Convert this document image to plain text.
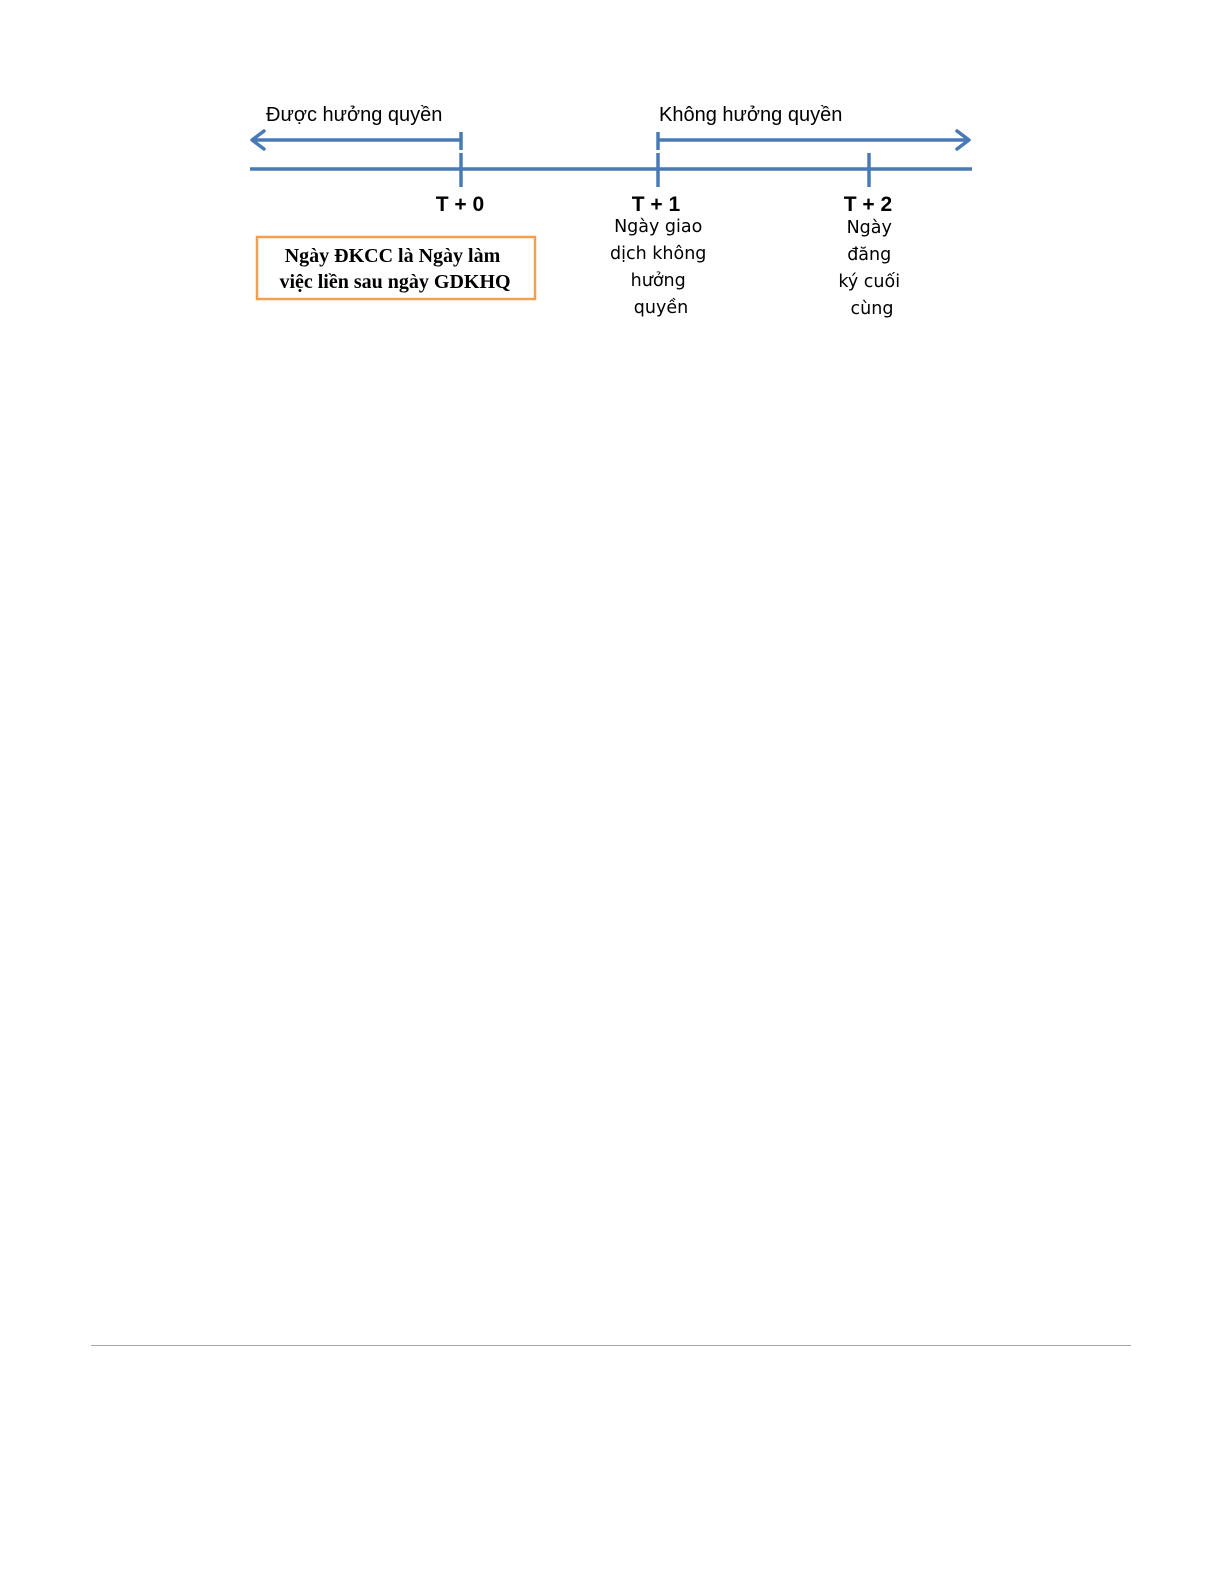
Được hưởng quyền	Không hưởng quyền
T + 0	T + 1	T + 2
Ngày giao dịch không hưởng quyền
Ngày đăng ký cuối cùng
Ngày ĐKCC là Ngày làm việc liền sau ngày GDKHQ
